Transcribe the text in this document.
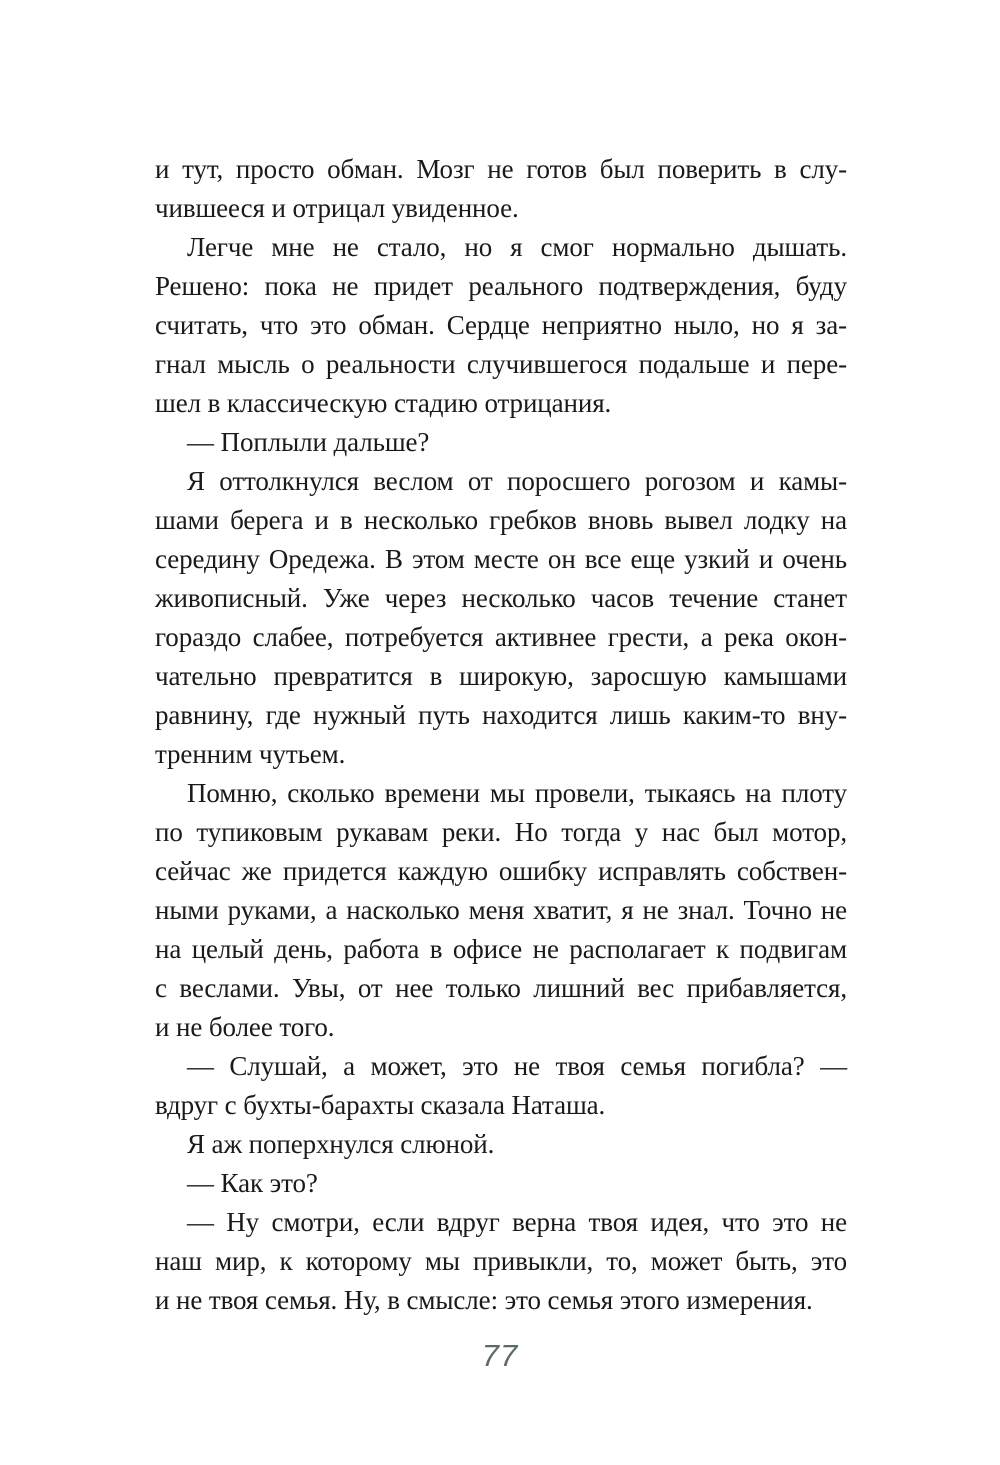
и тут, просто обман. Мозг не готов был поверить в слу-
чившееся и отрицал увиденное.

Легче мне не стало, но я смог нормально дышать.
Решено: пока не придет реального подтверждения, буду
считать, что это обман. Сердце неприятно ныло, но я за-
гнал мысль о реальности случившегося подальше и пере-
шел в классическую стадию отрицания.

— Поплыли дальше?

Я оттолкнулся веслом от поросшего рогозом и камы-
шами берега и в несколько гребков вновь вывел лодку на
середину Оредежа. В этом месте он все еще узкий и очень
живописный. Уже через несколько часов течение станет
гораздо слабее, потребуется активнее грести, а река окон-
чательно превратится в широкую, заросшую камышами
равнину, где нужный путь находится лишь каким-то вну-
тренним чутьем.

Помню, сколько времени мы провели, тыкаясь на плоту
по тупиковым рукавам реки. Но тогда у нас был мотор,
сейчас же придется каждую ошибку исправлять собствен-
ными руками, а насколько меня хватит, я не знал. Точно не
на целый день, работа в офисе не располагает к подвигам
с веслами. Увы, от нее только лишний вес прибавляется,
и не более того.

— Слушай, а может, это не твоя семья погибла? —
вдруг с бухты-барахты сказала Наташа.

Я аж поперхнулся слюной.

— Как это?

— Ну смотри, если вдруг верна твоя идея, что это не
наш мир, к которому мы привыкли, то, может быть, это
и не твоя семья. Ну, в смысле: это семья этого измерения.

77
